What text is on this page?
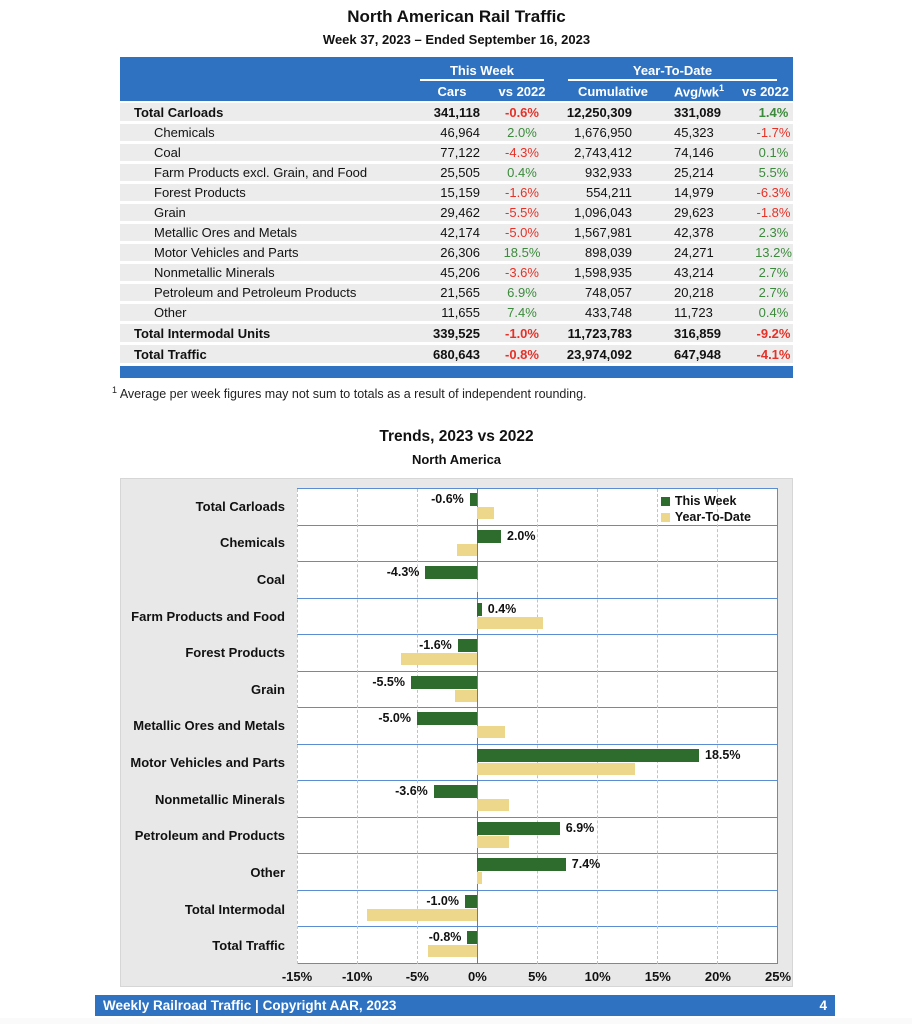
North American Rail Traffic
Week 37, 2023 – Ended September 16, 2023
This Week	Year-To-Date
Cars	vs 2022	Cumulative	Avg/$wk^1$	vs 2022
Total Carloads	341,118	-0.6%	12,250,309	331,089	1.4%
Chemicals	46,964	2.0%	1,676,950	45,323	-1.7%
Coal	77,122	-4.3%	2,743,412	74,146	0.1%
Farm Products excl. Grain, and Food	25,505	0.4%	932,933	25,214	5.5%
Forest Products	15,159	-1.6%	554,211	14,979	-6.3%
Grain	29,462	-5.5%	1,096,043	29,623	-1.8%
Metallic Ores and Metals	42,174	-5.0%	1,567,981	42,378	2.3%
Motor Vehicles and Parts	26,306	18.5%	898,039	24,271	13.2%
Nonmetallic Minerals	45,206	-3.6%	1,598,935	43,214	2.7%
Petroleum and Petroleum Products	21,565	6.9%	748,057	20,218	2.7%
Other	11,655	7.4%	433,748	11,723	0.4%
Total Intermodal Units	339,525	-1.0%	11,723,783	316,859	-9.2%
Total Traffic	680,643	-0.8%	23,974,092	647,948	-4.1%
$^1$ Average per week figures may not sum to totals as a result of independent rounding.
Trends, 2023 vs 2022
North America
Total Carloads
Chemicals
Coal
Farm Products and Food
Forest Products
Grain
Metallic Ores and Metals
Motor Vehicles and Parts
Nonmetallic Minerals
Petroleum and Products
Other
Total Intermodal
Total Traffic
This Week
Year-To-Date
-0.6%
2.0%
-4.3%
0.4%
-1.6%
-5.5%
-5.0%
18.5%
-3.6%
6.9%
7.4%
-1.0%
-0.8%
-15% -10%	-5%	0%	5%	10%	15%	20%	25%
Weekly Railroad Traffic | Copyright AAR, 2023	4
